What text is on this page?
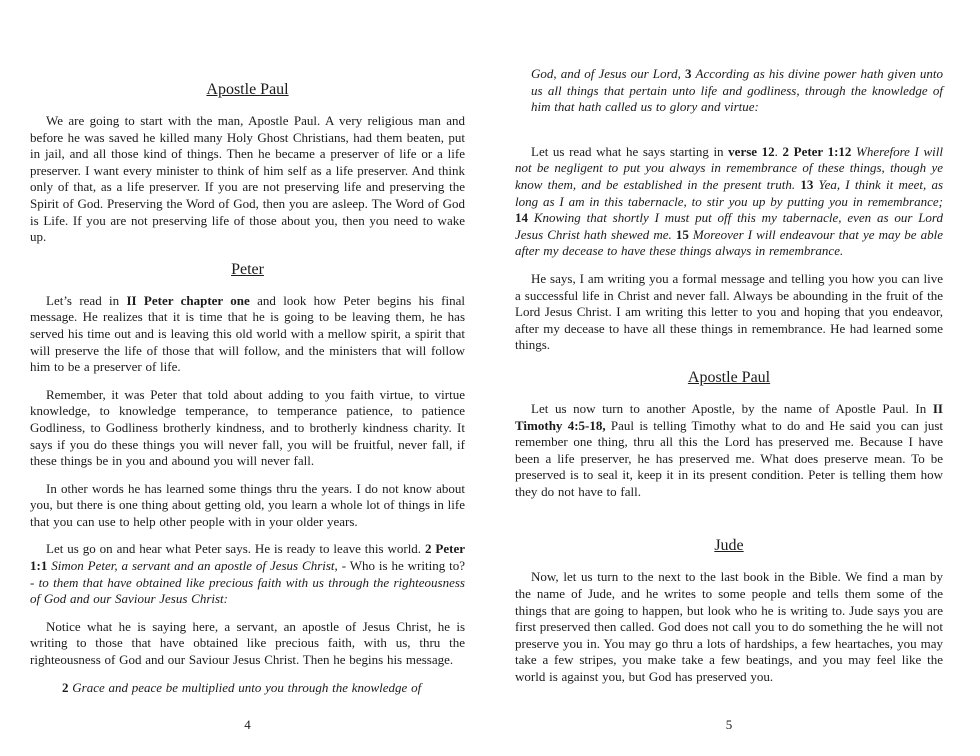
Apostle Paul

We are going to start with the man, Apostle Paul. A very religious man and before he was saved he killed many Holy Ghost Christians, had them beaten, put in jail, and all those kind of things. Then he became a preserver of life or a life preserver. I want every minister to think of him self as a life preserver. And think only of that, as a life preserver. If you are not preserving life and preserving the Spirit of God. Preserving the Word of God, then you are asleep. The Word of God is Life. If you are not preserving life of those about you, then you need to wake up.

Peter

Let’s read in II Peter chapter one and look how Peter begins his final message. He realizes that it is time that he is going to be leaving them, he has served his time out and is leaving this old world with a mellow spirit, a spirit that will preserve the life of those that will follow, and the ministers that will follow him to be a preserver of life.

Remember, it was Peter that told about adding to you faith virtue, to virtue knowledge, to knowledge temperance, to temperance patience, to patience Godliness, to Godliness brotherly kindness, and to brotherly kindness charity. It says if you do these things you will never fall, you will be fruitful, never fall, if these things be in you and abound you will never fall.

In other words he has learned some things thru the years. I do not know about you, but there is one thing about getting old, you learn a whole lot of things in life that you can use to help other people with in your older years.

Let us go on and hear what Peter says. He is ready to leave this world. 2 Peter 1:1 Simon Peter, a servant and an apostle of Jesus Christ, - Who is he writing to? - to them that have obtained like precious faith with us through the righteousness of God and our Saviour Jesus Christ:

Notice what he is saying here, a servant, an apostle of Jesus Christ, he is writing to those that have obtained like precious faith, with us, thru the righteousness of God and our Saviour Jesus Christ. Then he begins his message.

2 Grace and peace be multiplied unto you through the knowledge of

4

God, and of Jesus our Lord, 3 According as his divine power hath given unto us all things that pertain unto life and godliness, through the knowledge of him that hath called us to glory and virtue:

Let us read what he says starting in verse 12. 2 Peter 1:12 Wherefore I will not be negligent to put you always in remembrance of these things, though ye know them, and be established in the present truth. 13 Yea, I think it meet, as long as I am in this tabernacle, to stir you up by putting you in remembrance; 14 Knowing that shortly I must put off this my tabernacle, even as our Lord Jesus Christ hath shewed me. 15 Moreover I will endeavour that ye may be able after my decease to have these things always in remembrance.

He says, I am writing you a formal message and telling you how you can live a successful life in Christ and never fall. Always be abounding in the fruit of the Lord Jesus Christ. I am writing this letter to you and hoping that you endeavor, after my decease to have all these things in remembrance. He had learned some things.

Apostle Paul

Let us now turn to another Apostle, by the name of Apostle Paul. In II Timothy 4:5-18, Paul is telling Timothy what to do and He said you can just remember one thing, thru all this the Lord has preserved me. Because I have been a life preserver, he has preserved me. What does preserve mean. To be preserved is to seal it, keep it in its present condition. Peter is telling them how they do not have to fall.

Jude

Now, let us turn to the next to the last book in the Bible. We find a man by the name of Jude, and he writes to some people and tells them some of the things that are going to happen, but look who he is writing to. Jude says you are first preserved then called. God does not call you to do something the he will not preserve you in. You may go thru a lots of hardships, a few heartaches, you may take a few stripes, you make take a few beatings, and you may feel like the world is against you, but God has preserved you.

5
